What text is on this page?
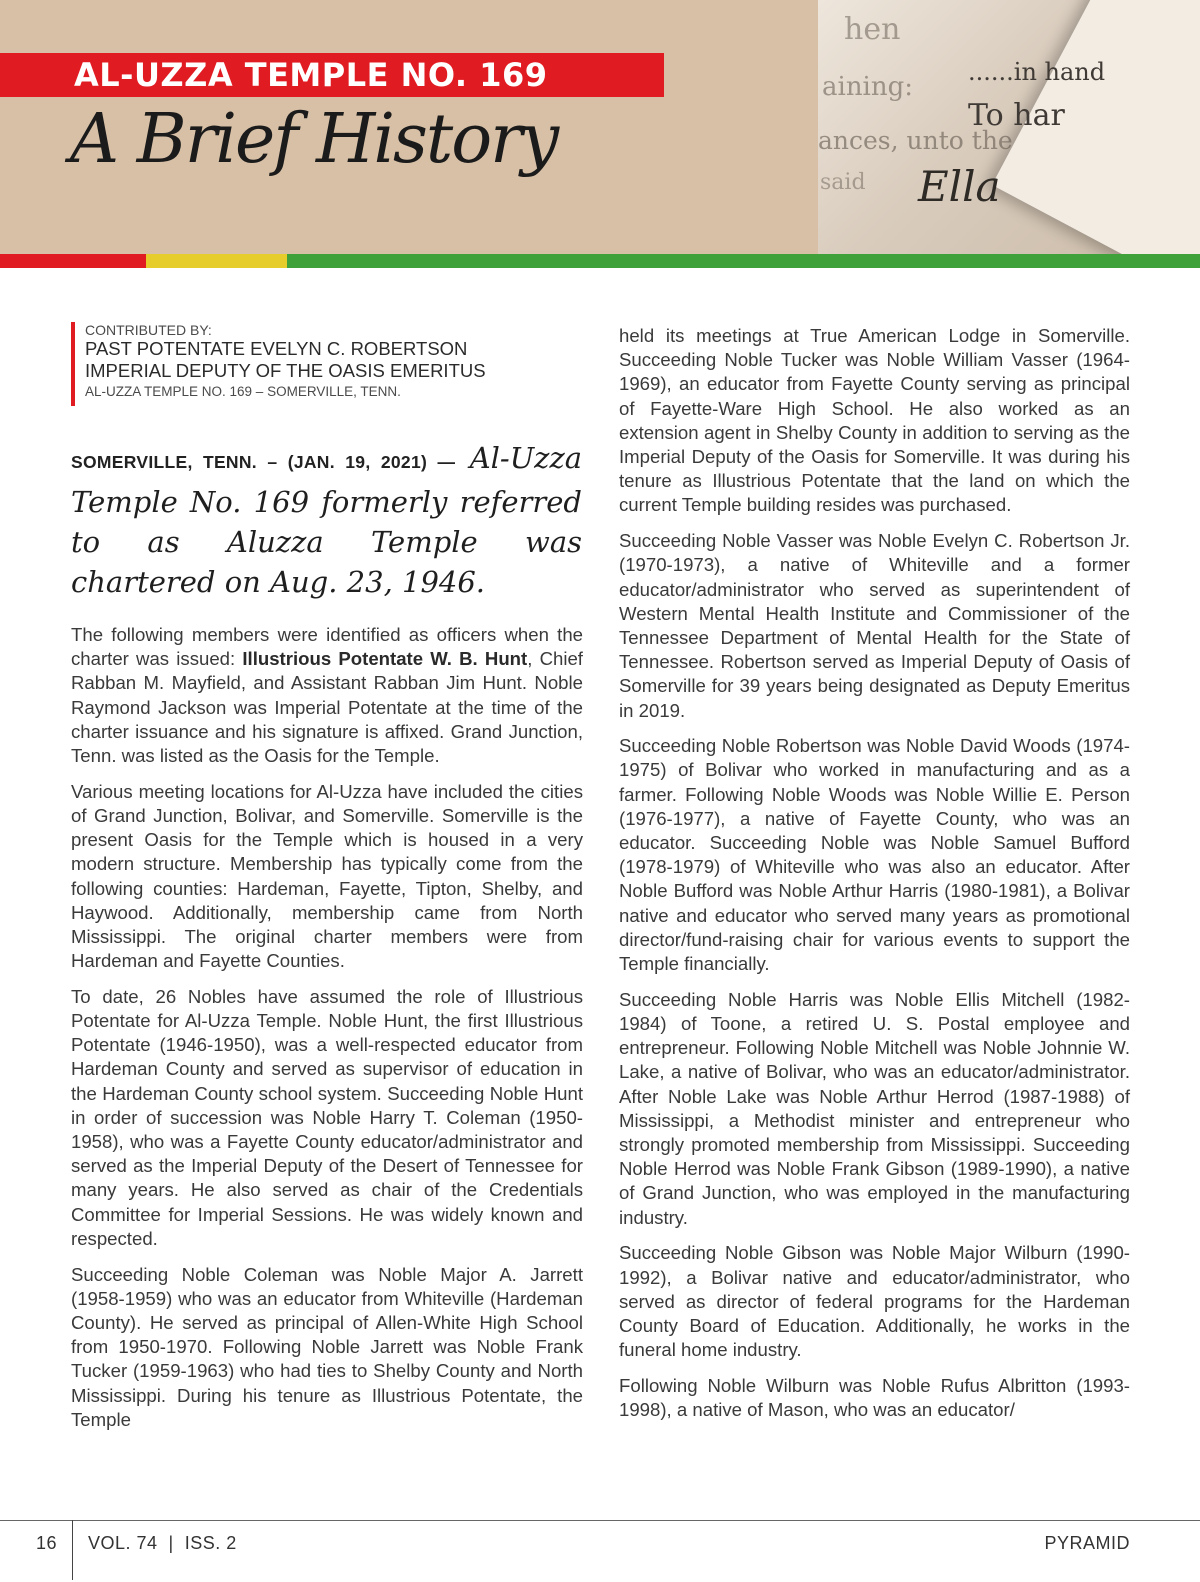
hen
aining: ......in hand
To har
ances, unto the
said Ella
AL-UZZA TEMPLE NO. 169
A Brief History
CONTRIBUTED BY:
PAST POTENTATE EVELYN C. ROBERTSON
IMPERIAL DEPUTY OF THE OASIS EMERITUS
AL-UZZA TEMPLE NO. 169 – SOMERVILLE, TENN.
SOMERVILLE, TENN. – (JAN. 19, 2021) — Al-Uzza Temple No. 169 formerly referred to as Aluzza Temple was chartered on Aug. 23, 1946.

The following members were identified as officers when the charter was issued: Illustrious Potentate W. B. Hunt, Chief Rabban M. Mayfield, and Assistant Rabban Jim Hunt. Noble Raymond Jackson was Imperial Potentate at the time of the charter issuance and his signature is affixed. Grand Junction, Tenn. was listed as the Oasis for the Temple.

Various meeting locations for Al-Uzza have included the cities of Grand Junction, Bolivar, and Somerville. Somerville is the present Oasis for the Temple which is housed in a very modern structure. Membership has typically come from the following counties: Hardeman, Fayette, Tipton, Shelby, and Haywood. Additionally, membership came from North Mississippi. The original charter members were from Hardeman and Fayette Counties.

To date, 26 Nobles have assumed the role of Illustrious Potentate for Al-Uzza Temple. Noble Hunt, the first Illustrious Potentate (1946-1950), was a well-respected educator from Hardeman County and served as supervisor of education in the Hardeman County school system. Succeeding Noble Hunt in order of succession was Noble Harry T. Coleman (1950-1958), who was a Fayette County educator/administrator and served as the Imperial Deputy of the Desert of Tennessee for many years. He also served as chair of the Credentials Committee for Imperial Sessions. He was widely known and respected.

Succeeding Noble Coleman was Noble Major A. Jarrett (1958-1959) who was an educator from Whiteville (Hardeman County). He served as principal of Allen-White High School from 1950-1970. Following Noble Jarrett was Noble Frank Tucker (1959-1963) who had ties to Shelby County and North Mississippi. During his tenure as Illustrious Potentate, the Temple

held its meetings at True American Lodge in Somerville. Succeeding Noble Tucker was Noble William Vasser (1964-1969), an educator from Fayette County serving as principal of Fayette-Ware High School. He also worked as an extension agent in Shelby County in addition to serving as the Imperial Deputy of the Oasis for Somerville. It was during his tenure as Illustrious Potentate that the land on which the current Temple building resides was purchased.

Succeeding Noble Vasser was Noble Evelyn C. Robertson Jr. (1970-1973), a native of Whiteville and a former educator/administrator who served as superintendent of Western Mental Health Institute and Commissioner of the Tennessee Department of Mental Health for the State of Tennessee. Robertson served as Imperial Deputy of Oasis of Somerville for 39 years being designated as Deputy Emeritus in 2019.

Succeeding Noble Robertson was Noble David Woods (1974-1975) of Bolivar who worked in manufacturing and as a farmer. Following Noble Woods was Noble Willie E. Person (1976-1977), a native of Fayette County, who was an educator. Succeeding Noble was Noble Samuel Bufford (1978-1979) of Whiteville who was also an educator. After Noble Bufford was Noble Arthur Harris (1980-1981), a Bolivar native and educator who served many years as promotional director/fund-raising chair for various events to support the Temple financially.

Succeeding Noble Harris was Noble Ellis Mitchell (1982-1984) of Toone, a retired U. S. Postal employee and entrepreneur. Following Noble Mitchell was Noble Johnnie W. Lake, a native of Bolivar, who was an educator/administrator. After Noble Lake was Noble Arthur Herrod (1987-1988) of Mississippi, a Methodist minister and entrepreneur who strongly promoted membership from Mississippi. Succeeding Noble Herrod was Noble Frank Gibson (1989-1990), a native of Grand Junction, who was employed in the manufacturing industry.

Succeeding Noble Gibson was Noble Major Wilburn (1990-1992), a Bolivar native and educator/administrator, who served as director of federal programs for the Hardeman County Board of Education. Additionally, he works in the funeral home industry.

Following Noble Wilburn was Noble Rufus Albritton (1993-1998), a native of Mason, who was an educator/

16 VOL. 74  |  ISS. 2	PYRAMID
